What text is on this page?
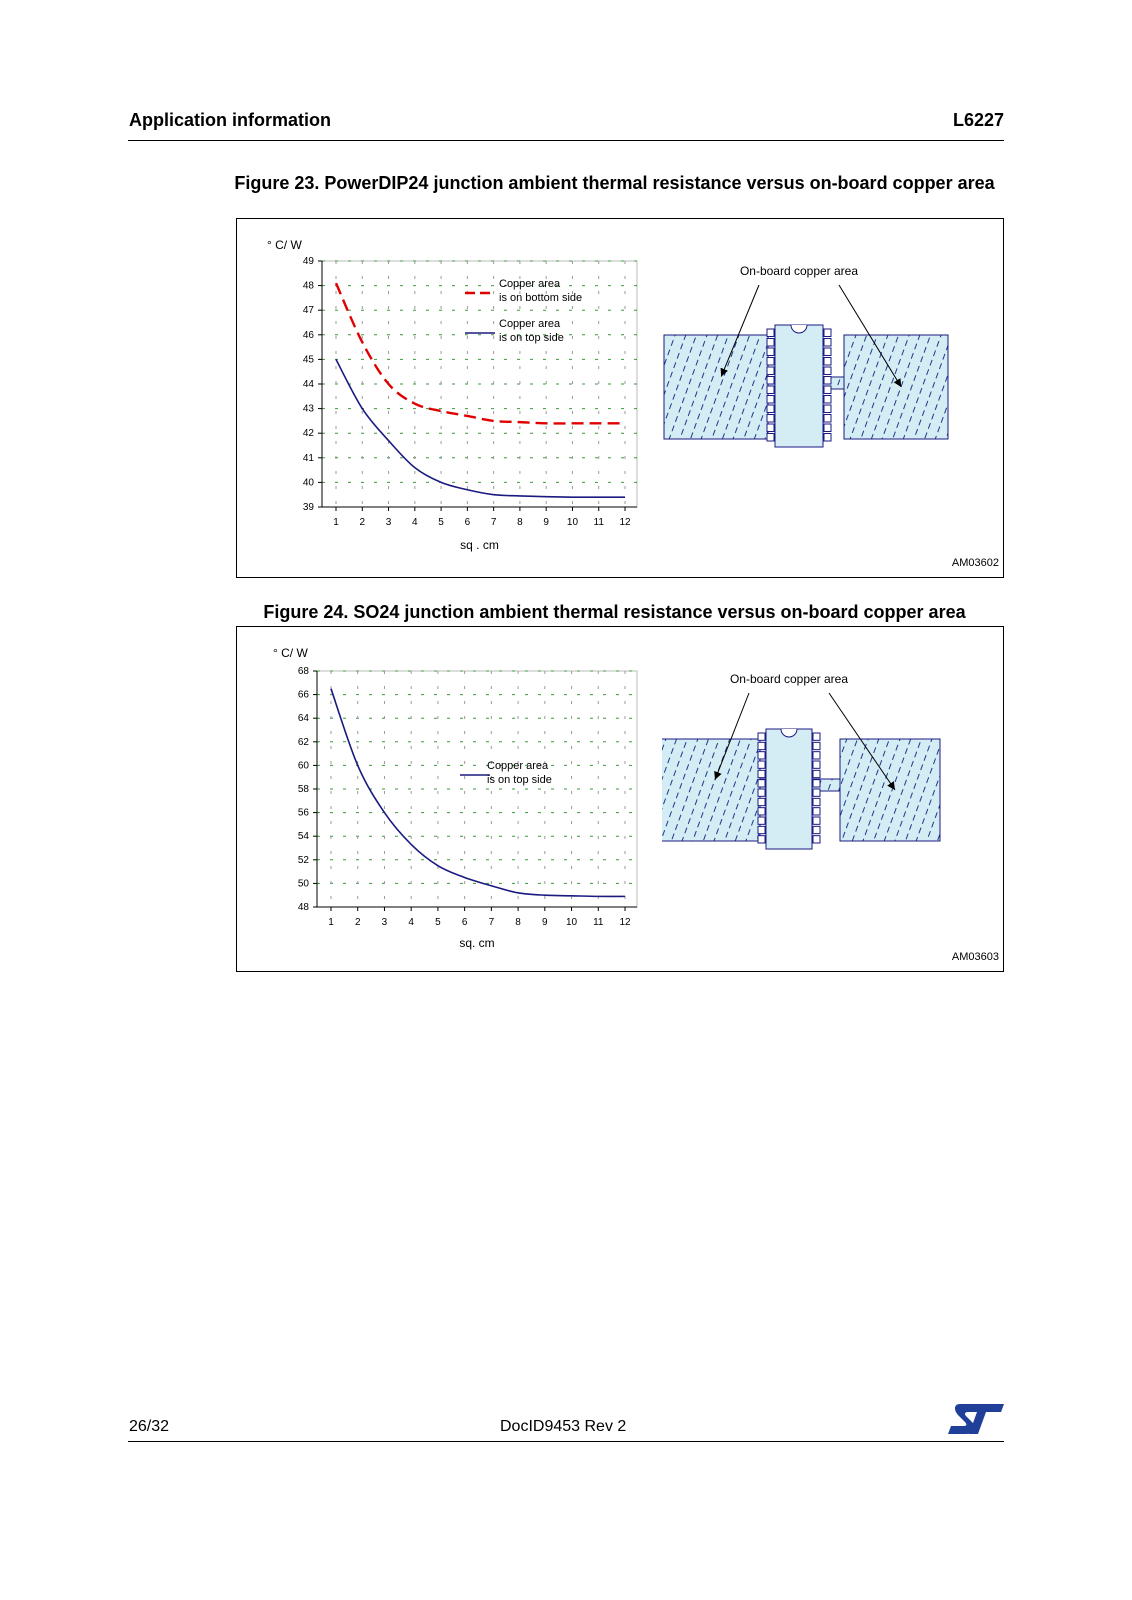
Application information	L6227
Figure 23. PowerDIP24 junction ambient thermal resistance versus on-board copper area
39
40
41
42
43
44
45
46
47
48
49
1 2 3 4 5 6 7 8 9 10 11 12
° C/ W
sq . cm
Copper area
is on bottom side
Copper area
is on top side
On-board copper area
AM03602
Figure 24. SO24 junction ambient thermal resistance versus on-board copper area
48
50
52
54
56
58
60
62
64
66
68
1 2 3 4 5 6 7 8 9 10 11 12
° C/ W
sq. cm
Copper area
is on top side
On-board copper area
AM03603
26/32	DocID9453 Rev 2
